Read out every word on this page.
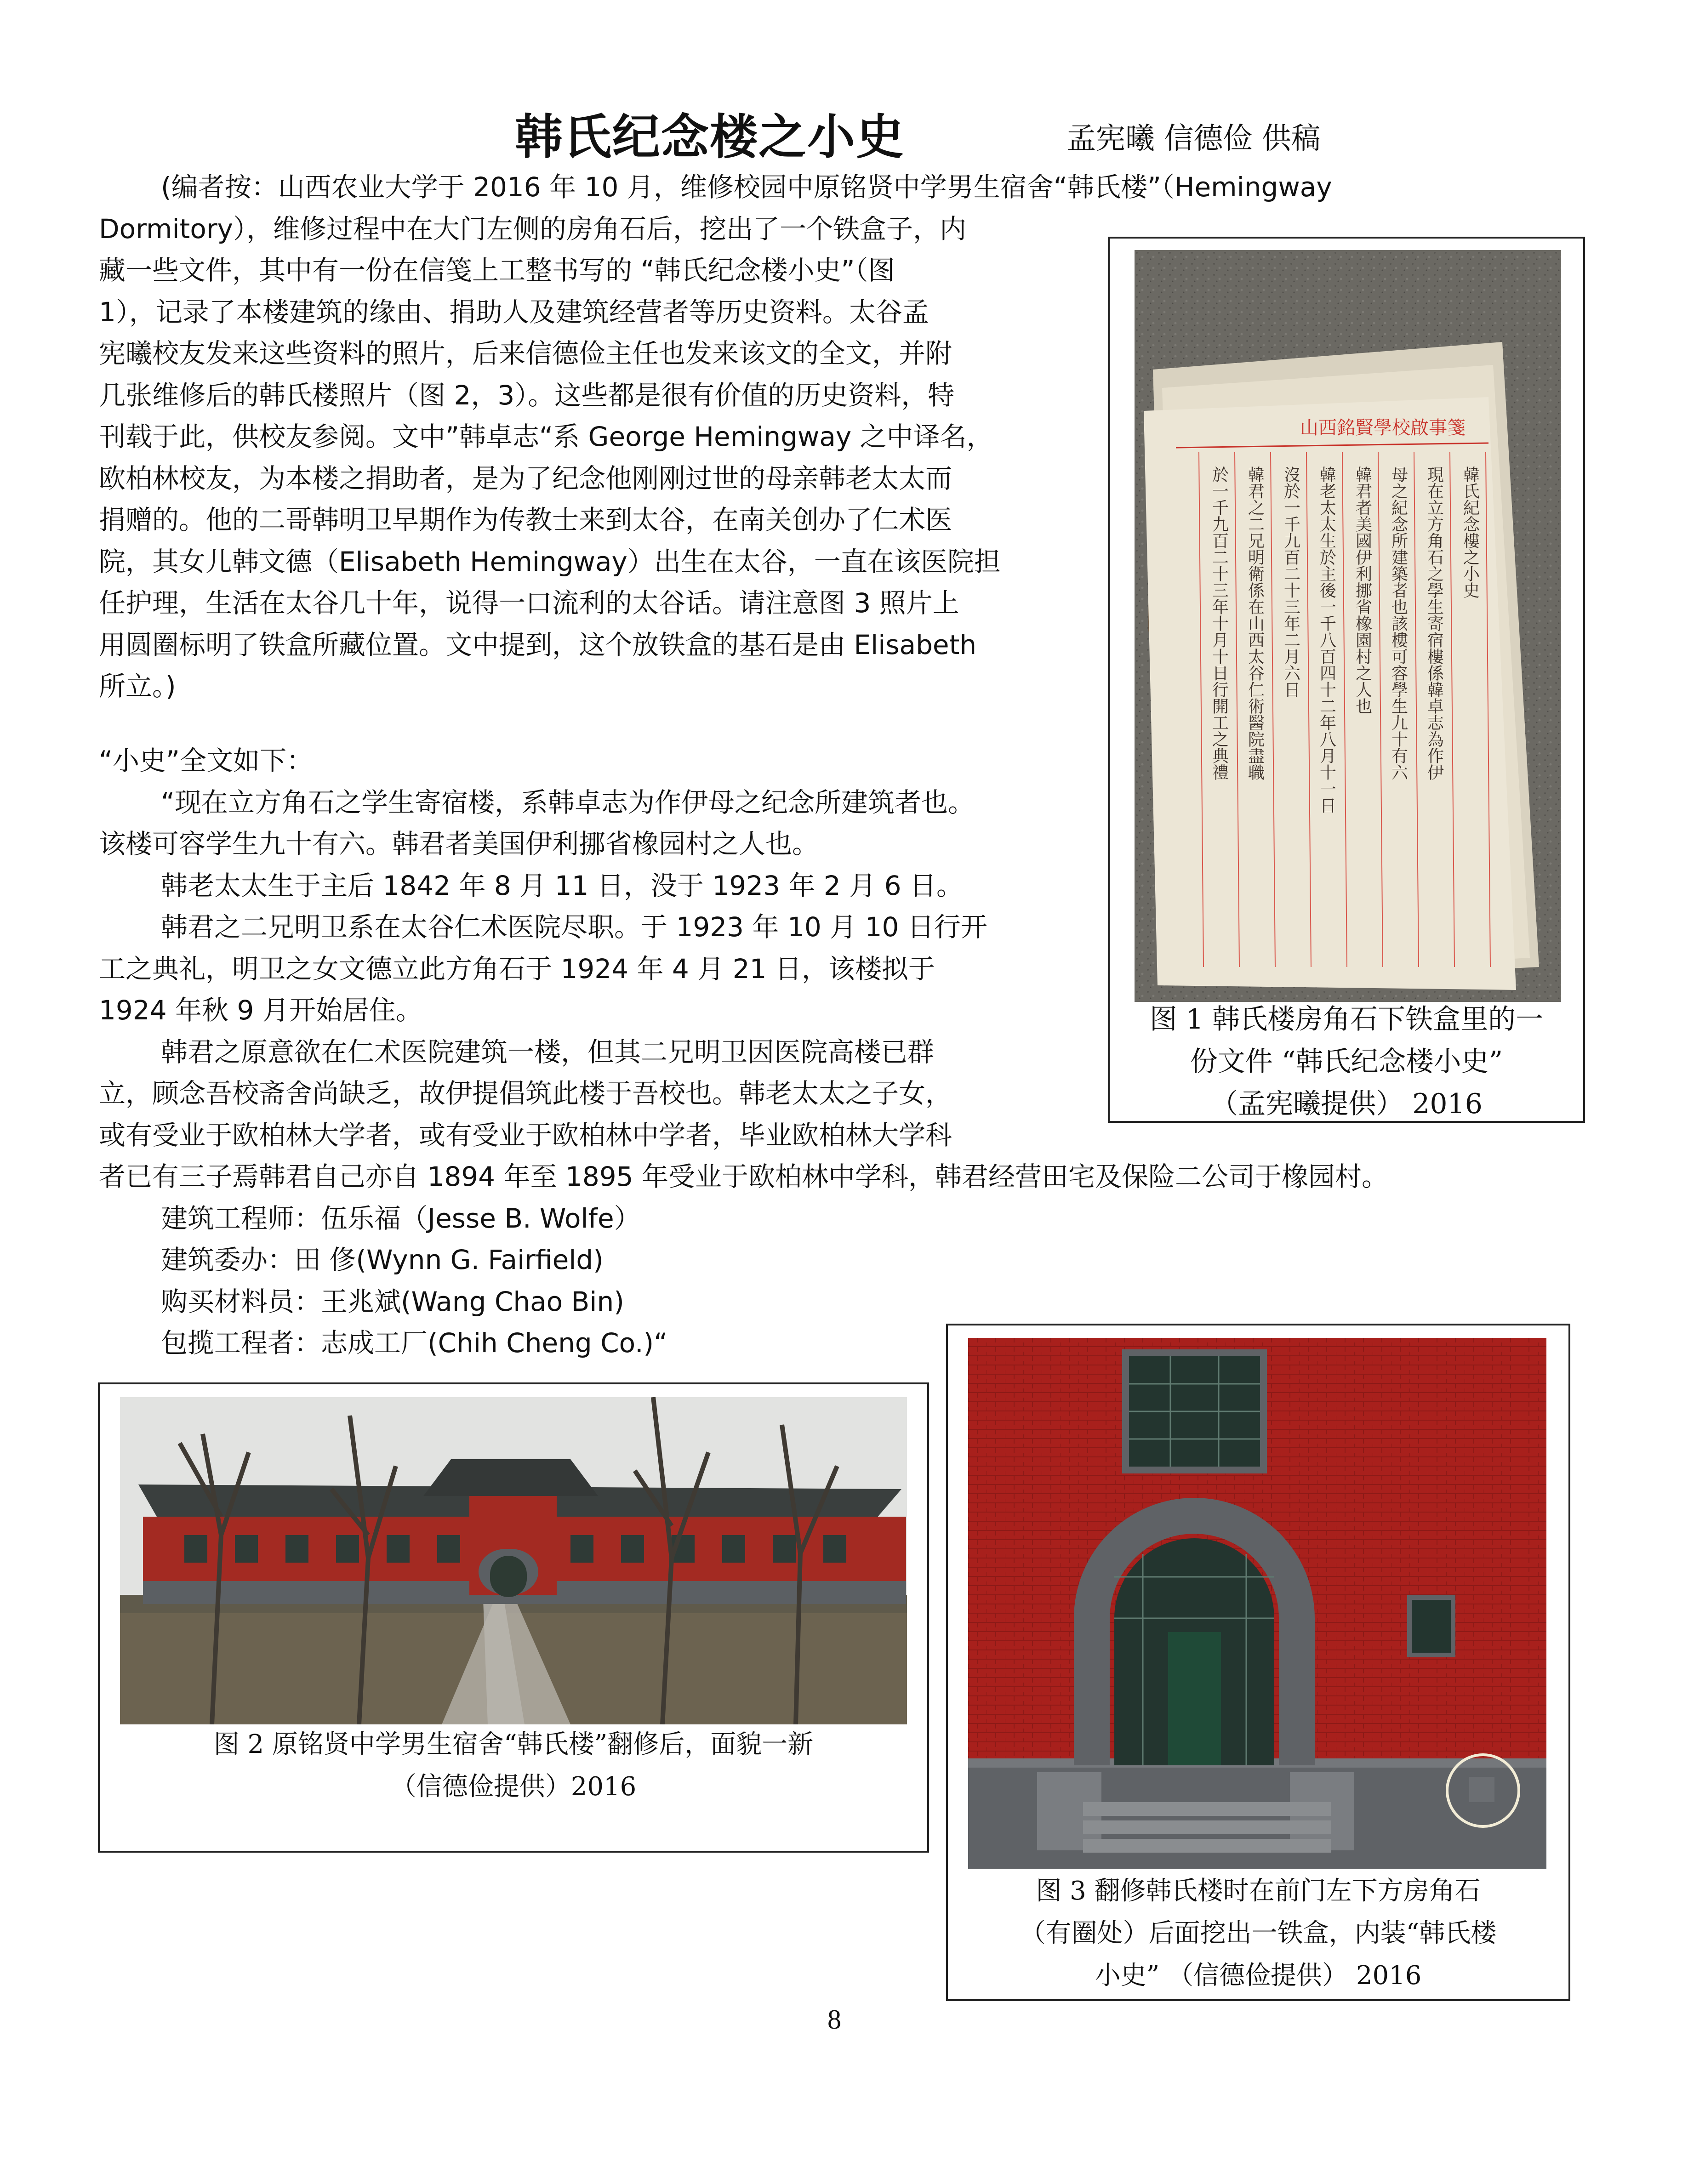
韩氏纪念楼之小史	孟宪曦 信德俭 供稿

(编者按：山西农业大学于 2016 年 10 月，维修校园中原铭贤中学男生宿舍“韩氏楼”（Hemingway

Dormitory），维修过程中在大门左侧的房角石后，挖出了一个铁盒子，内

藏一些文件，其中有一份在信笺上工整书写的 “韩氏纪念楼小史”（图

1），记录了本楼建筑的缘由、捐助人及建筑经营者等历史资料。太谷孟

宪曦校友发来这些资料的照片，后来信德俭主任也发来该文的全文，并附

几张维修后的韩氏楼照片（图 2，3）。这些都是很有价值的历史资料，特

刊载于此，供校友参阅。文中”韩卓志“系 George Hemingway 之中译名，

欧柏林校友，为本楼之捐助者，是为了纪念他刚刚过世的母亲韩老太太而

捐赠的。他的二哥韩明卫早期作为传教士来到太谷，在南关创办了仁术医

院，其女儿韩文德（Elisabeth Hemingway）出生在太谷，一直在该医院担

任护理，生活在太谷几十年，说得一口流利的太谷话。请注意图 3 照片上

用圆圈标明了铁盒所藏位置。文中提到，这个放铁盒的基石是由 Elisabeth

所立。)

“小史”全文如下：

“现在立方角石之学生寄宿楼，系韩卓志为作伊母之纪念所建筑者也。

该楼可容学生九十有六。韩君者美国伊利挪省橡园村之人也。

韩老太太生于主后 1842 年 8 月 11 日，没于 1923 年 2 月 6 日。

韩君之二兄明卫系在太谷仁术医院尽职。于 1923 年 10 月 10 日行开

工之典礼，明卫之女文德立此方角石于 1924 年 4 月 21 日，该楼拟于

1924 年秋 9 月开始居住。

韩君之原意欲在仁术医院建筑一楼，但其二兄明卫因医院高楼已群

立，顾念吾校斋舍尚缺乏，故伊提倡筑此楼于吾校也。韩老太太之子女，

或有受业于欧柏林大学者，或有受业于欧柏林中学者，毕业欧柏林大学科

者已有三子焉韩君自己亦自 1894 年至 1895 年受业于欧柏林中学科，韩君经营田宅及保险二公司于橡园村。

建筑工程师：伍乐福（Jesse B. Wolfe）

建筑委办：田 俢(Wynn G. Fairfield)

购买材料员：王兆斌(Wang Chao Bin)

包揽工程者：志成工厂(Chih Cheng Co.)“

山西銘賢學校啟事箋
韓氏紀念樓之小史
現在立方角石之學生寄宿樓係韓卓志為作伊
母之紀念所建築者也該樓可容學生九十有六
韓君者美國伊利挪省橡園村之人也
韓老太太生於主後一千八百四十二年八月十一日
沒於一千九百二十三年二月六日
韓君之二兄明衛係在山西太谷仁術醫院盡職
於一千九百二十三年十月十日行開工之典禮
图 1 韩氏楼房角石下铁盒里的一
份文件 “韩氏纪念楼小史”
（孟宪曦提供） 2016
图 2 原铭贤中学男生宿舍“韩氏楼”翻修后，面貌一新
（信德俭提供）2016
图 3 翻修韩氏楼时在前门左下方房角石
（有圈处）后面挖出一铁盒，内装“韩氏楼
小史” （信德俭提供） 2016
8
